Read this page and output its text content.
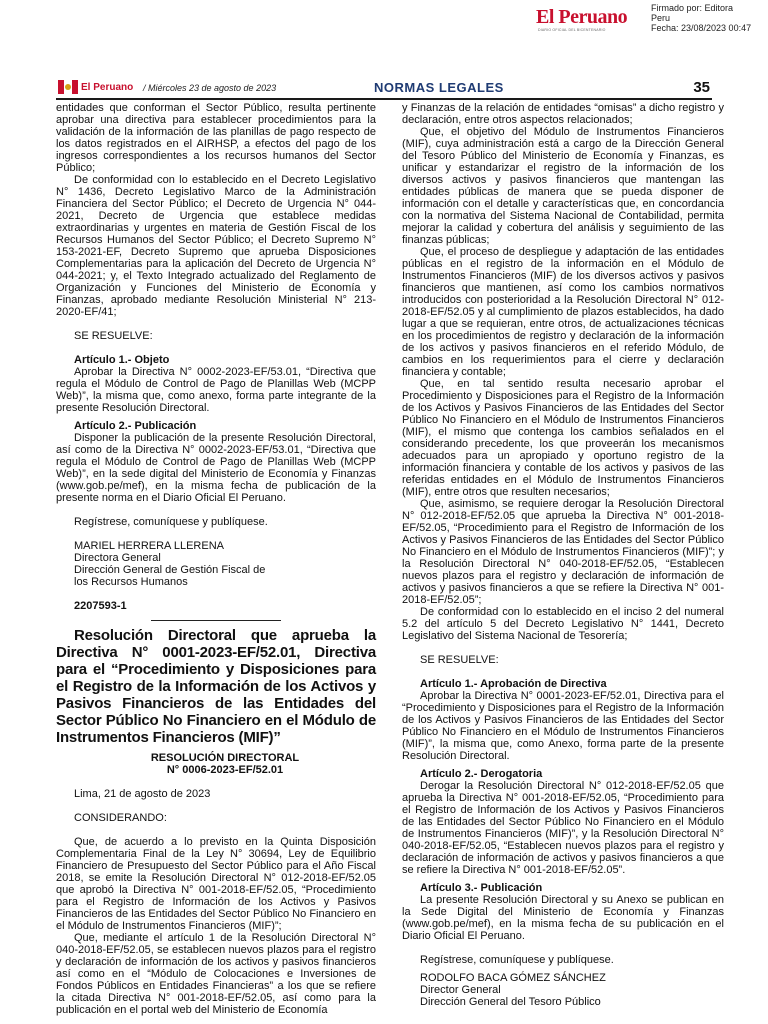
El Peruano
DIARIO OFICIAL DEL BICENTENARIO
Firmado por: Editora
Peru
Fecha: 23/08/2023 00:47
El Peruano / Miércoles 23 de agosto de 2023	NORMAS LEGALES	35

entidades que conforman el Sector Público, resulta pertinente aprobar una directiva para establecer procedimientos para la validación de la información de las planillas de pago respecto de los datos registrados en el AIRHSP, a efectos del pago de los ingresos correspondientes a los recursos humanos del Sector Público;

De conformidad con lo establecido en el Decreto Legislativo N° 1436, Decreto Legislativo Marco de la Administración Financiera del Sector Público; el Decreto de Urgencia N° 044-2021, Decreto de Urgencia que establece medidas extraordinarias y urgentes en materia de Gestión Fiscal de los Recursos Humanos del Sector Público; el Decreto Supremo N° 153-2021-EF, Decreto Supremo que aprueba Disposiciones Complementarias para la aplicación del Decreto de Urgencia N° 044-2021; y, el Texto Integrado actualizado del Reglamento de Organización y Funciones del Ministerio de Economía y Finanzas, aprobado mediante Resolución Ministerial N° 213-2020-EF/41;

SE RESUELVE:

Artículo 1.- Objeto

Aprobar la Directiva N° 0002-2023-EF/53.01, “Directiva que regula el Módulo de Control de Pago de Planillas Web (MCPP Web)”, la misma que, como anexo, forma parte integrante de la presente Resolución Directoral.

Artículo 2.- Publicación

Disponer la publicación de la presente Resolución Directoral, así como de la Directiva N° 0002-2023-EF/53.01, “Directiva que regula el Módulo de Control de Pago de Planillas Web (MCPP Web)”, en la sede digital del Ministerio de Economía y Finanzas (www.gob.pe/mef), en la misma fecha de publicación de la presente norma en el Diario Oficial El Peruano.

Regístrese, comuníquese y publíquese.

MARIEL HERRERA LLERENA

Directora General

Dirección General de Gestión Fiscal de

los Recursos Humanos

2207593-1

Resolución Directoral que aprueba la Directiva N° 0001-2023-EF/52.01, Directiva para el “Procedimiento y Disposiciones para el Registro de la Información de los Activos y Pasivos Financieros de las Entidades del Sector Público No Financiero en el Módulo de Instrumentos Financieros (MIF)”

RESOLUCIÓN DIRECTORAL

N° 0006-2023-EF/52.01

Lima, 21 de agosto de 2023

CONSIDERANDO:

Que, de acuerdo a lo previsto en la Quinta Disposición Complementaria Final de la Ley N° 30694, Ley de Equilibrio Financiero de Presupuesto del Sector Público para el Año Fiscal 2018, se emite la Resolución Directoral N° 012-2018-EF/52.05 que aprobó la Directiva N° 001-2018-EF/52.05, “Procedimiento para el Registro de Información de los Activos y Pasivos Financieros de las Entidades del Sector Público No Financiero en el Módulo de Instrumentos Financieros (MIF)”;

Que, mediante el artículo 1 de la Resolución Directoral N° 040-2018-EF/52.05, se establecen nuevos plazos para el registro y declaración de información de los activos y pasivos financieros así como en el “Módulo de Colocaciones e Inversiones de Fondos Públicos en Entidades Financieras” a los que se refiere la citada Directiva N° 001-2018-EF/52.05, así como para la publicación en el portal web del Ministerio de Economía

y Finanzas de la relación de entidades “omisas” a dicho registro y declaración, entre otros aspectos relacionados;

Que, el objetivo del Módulo de Instrumentos Financieros (MIF), cuya administración está a cargo de la Dirección General del Tesoro Público del Ministerio de Economía y Finanzas, es unificar y estandarizar el registro de la información de los diversos activos y pasivos financieros que mantengan las entidades públicas de manera que se pueda disponer de información con el detalle y características que, en concordancia con la normativa del Sistema Nacional de Contabilidad, permita mejorar la calidad y cobertura del análisis y seguimiento de las finanzas públicas;

Que, el proceso de despliegue y adaptación de las entidades públicas en el registro de la información en el Módulo de Instrumentos Financieros (MIF) de los diversos activos y pasivos financieros que mantienen, así como los cambios normativos introducidos con posterioridad a la Resolución Directoral N° 012-2018-EF/52.05 y al cumplimiento de plazos establecidos, ha dado lugar a que se requieran, entre otros, de actualizaciones técnicas en los procedimientos de registro y declaración de la información de los activos y pasivos financieros en el referido Módulo, de cambios en los requerimientos para el cierre y declaración financiera y contable;

Que, en tal sentido resulta necesario aprobar el Procedimiento y Disposiciones para el Registro de la Información de los Activos y Pasivos Financieros de las Entidades del Sector Público No Financiero en el Módulo de Instrumentos Financieros (MIF), el mismo que contenga los cambios señalados en el considerando precedente, los que proveerán los mecanismos adecuados para un apropiado y oportuno registro de la información financiera y contable de los activos y pasivos de las referidas entidades en el Módulo de Instrumentos Financieros (MIF), entre otros que resulten necesarios;

Que, asimismo, se requiere derogar la Resolución Directoral N° 012-2018-EF/52.05 que aprueba la Directiva N° 001-2018-EF/52.05, “Procedimiento para el Registro de Información de los Activos y Pasivos Financieros de las Entidades del Sector Público No Financiero en el Módulo de Instrumentos Financieros (MIF)”; y la Resolución Directoral N° 040-2018-EF/52.05, “Establecen nuevos plazos para el registro y declaración de información de activos y pasivos financieros a que se refiere la Directiva N° 001-2018-EF/52.05”;

De conformidad con lo establecido en el inciso 2 del numeral 5.2 del artículo 5 del Decreto Legislativo N° 1441, Decreto Legislativo del Sistema Nacional de Tesorería;

SE RESUELVE:

Artículo 1.- Aprobación de Directiva

Aprobar la Directiva N° 0001-2023-EF/52.01, Directiva para el “Procedimiento y Disposiciones para el Registro de la Información de los Activos y Pasivos Financieros de las Entidades del Sector Público No Financiero en el Módulo de Instrumentos Financieros (MIF)”, la misma que, como Anexo, forma parte de la presente Resolución Directoral.

Artículo 2.- Derogatoria

Derogar la Resolución Directoral N° 012-2018-EF/52.05 que aprueba la Directiva N° 001-2018-EF/52.05, “Procedimiento para el Registro de Información de los Activos y Pasivos Financieros de las Entidades del Sector Público No Financiero en el Módulo de Instrumentos Financieros (MIF)”, y la Resolución Directoral N° 040-2018-EF/52.05, “Establecen nuevos plazos para el registro y declaración de información de activos y pasivos financieros a que se refiere la Directiva N° 001-2018-EF/52.05”.

Artículo 3.- Publicación

La presente Resolución Directoral y su Anexo se publican en la Sede Digital del Ministerio de Economía y Finanzas (www.gob.pe/mef), en la misma fecha de su publicación en el Diario Oficial El Peruano.

Regístrese, comuníquese y publíquese.

RODOLFO BACA GÓMEZ SÁNCHEZ

Director General

Dirección General del Tesoro Público
